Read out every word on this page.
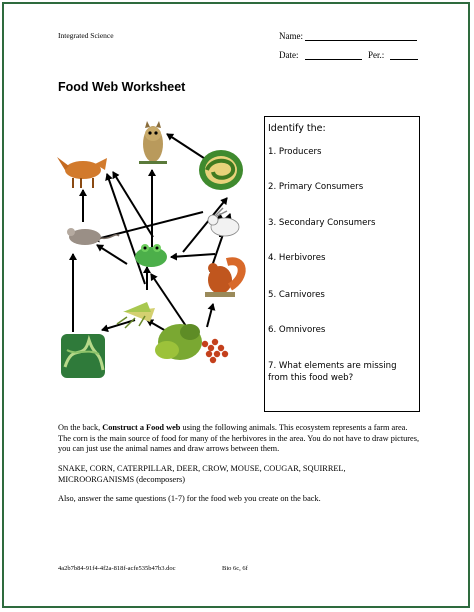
Integrated Science	Name:
Date:	Per.:
Food Web Worksheet
Identify the:
1. Producers
2. Primary Consumers
3. Secondary Consumers
4. Herbivores
5. Carnivores
6. Omnivores
7. What elements are missing from this food web?
On the back, Construct a Food web using the following animals. This ecosystem represents a farm area. The corn is the main source of food for many of the herbivores in the area. You do not have to draw pictures, you can just use the animal names and draw arrows between them.
SNAKE, CORN, CATERPILLAR, DEER, CROW, MOUSE, COUGAR, SQUIRREL, MICROORGANISMS (decomposers)
Also, answer the same questions (1-7) for the food web you create on the back.
4a2b7b84-91f4-4f2a-818f-acfe535b47b3.doc	Bio 6c, 6f
